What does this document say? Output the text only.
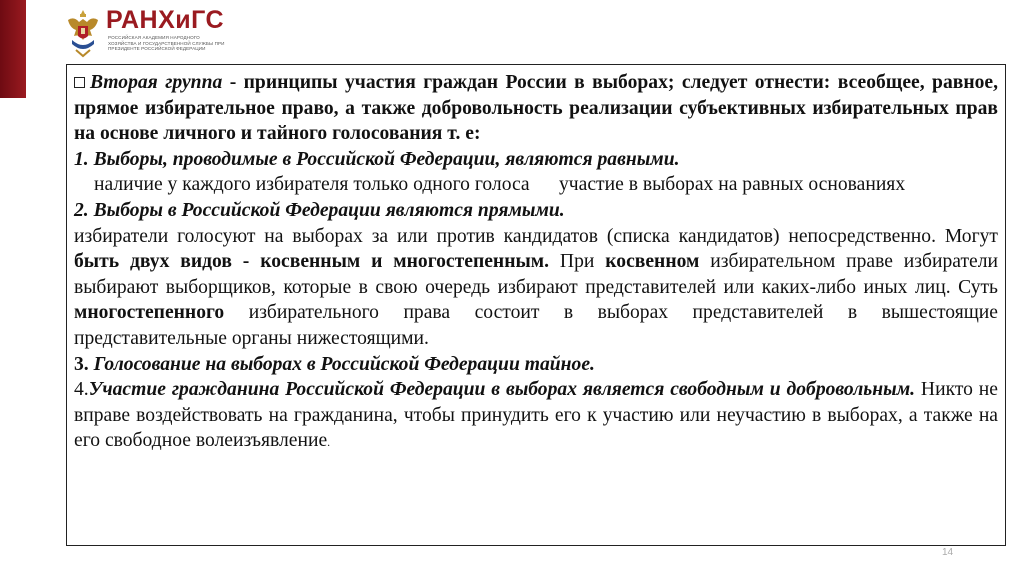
РАНХиГС
РОССИЙСКАЯ АКАДЕМИЯ НАРОДНОГО ХОЗЯЙСТВА И ГОСУДАРСТВЕННОЙ СЛУЖБЫ ПРИ ПРЕЗИДЕНТЕ РОССИЙСКОЙ ФЕДЕРАЦИИ

Вторая группа - принципы участия граждан России в выборах; следует отнести: всеобщее, равное, прямое избирательное право, а также добровольность реализации субъективных избирательных прав на основе личного и тайного голосования т. е:

1. Выборы, проводимые в Российской Федерации, являются равными.

наличие у каждого избирателя только одного голоса      участие в выборах на равных основаниях

2. Выборы в Российской Федерации являются прямыми.

избиратели голосуют на выборах за или против кандидатов (списка кандидатов) непосредственно. Могут быть двух видов - косвенным и многостепенным. При косвенном избирательном праве избиратели выбирают выборщиков, которые в свою очередь избирают представителей или каких-либо иных лиц. Суть многостепенного избирательного права состоит в выборах представителей в вышестоящие представительные органы нижестоящими.

3. Голосование на выборах в Российской Федерации тайное.

4.Участие гражданина Российской Федерации в выборах является свободным и добровольным. Никто не вправе воздействовать на гражданина, чтобы принудить его к участию или неучастию в выборах, а также на его свободное волеизъявление.

14
